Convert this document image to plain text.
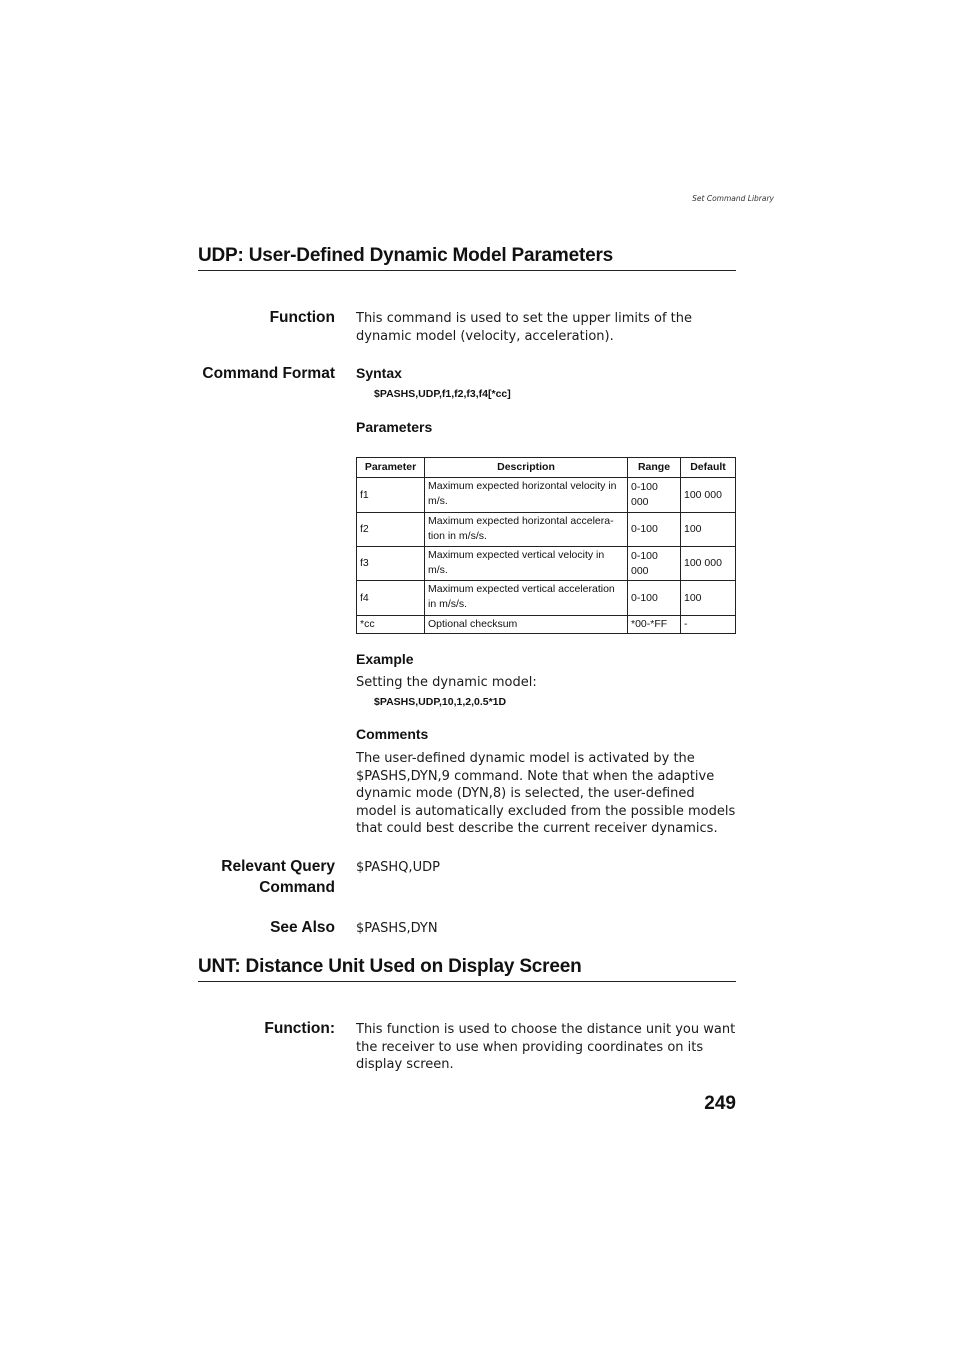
Set Command Library
UDP: User-Defined Dynamic Model Parameters
Function This command is used to set the upper limits of the dynamic model (velocity, acceleration).
Command Format Syntax
$PASHS,UDP,f1,f2,f3,f4[*cc]
Parameters
Parameter	Description	Range	Default
f1	Maximum expected horizontal velocity in m/s.	0-100 000	100 000
f2	Maximum expected horizontal accelera-tion in m/s/s.	0-100	100
f3	Maximum expected vertical velocity in m/s.	0-100 000	100 000
f4	Maximum expected vertical acceleration in m/s/s.	0-100	100
*cc	Optional checksum	*00-*FF	-
Example
Setting the dynamic model:
$PASHS,UDP,10,1,2,0.5*1D
Comments
The user-defined dynamic model is activated by the $PASHS,DYN,9 command. Note that when the adaptive dynamic mode (DYN,8) is selected, the user-defined model is automatically excluded from the possible models that could best describe the current receiver dynamics.
Relevant Query
Command
$PASHQ,UDP
See Also $PASHS,DYN
UNT: Distance Unit Used on Display Screen
Function: This function is used to choose the distance unit you want the receiver to use when providing coordinates on its display screen.
249
